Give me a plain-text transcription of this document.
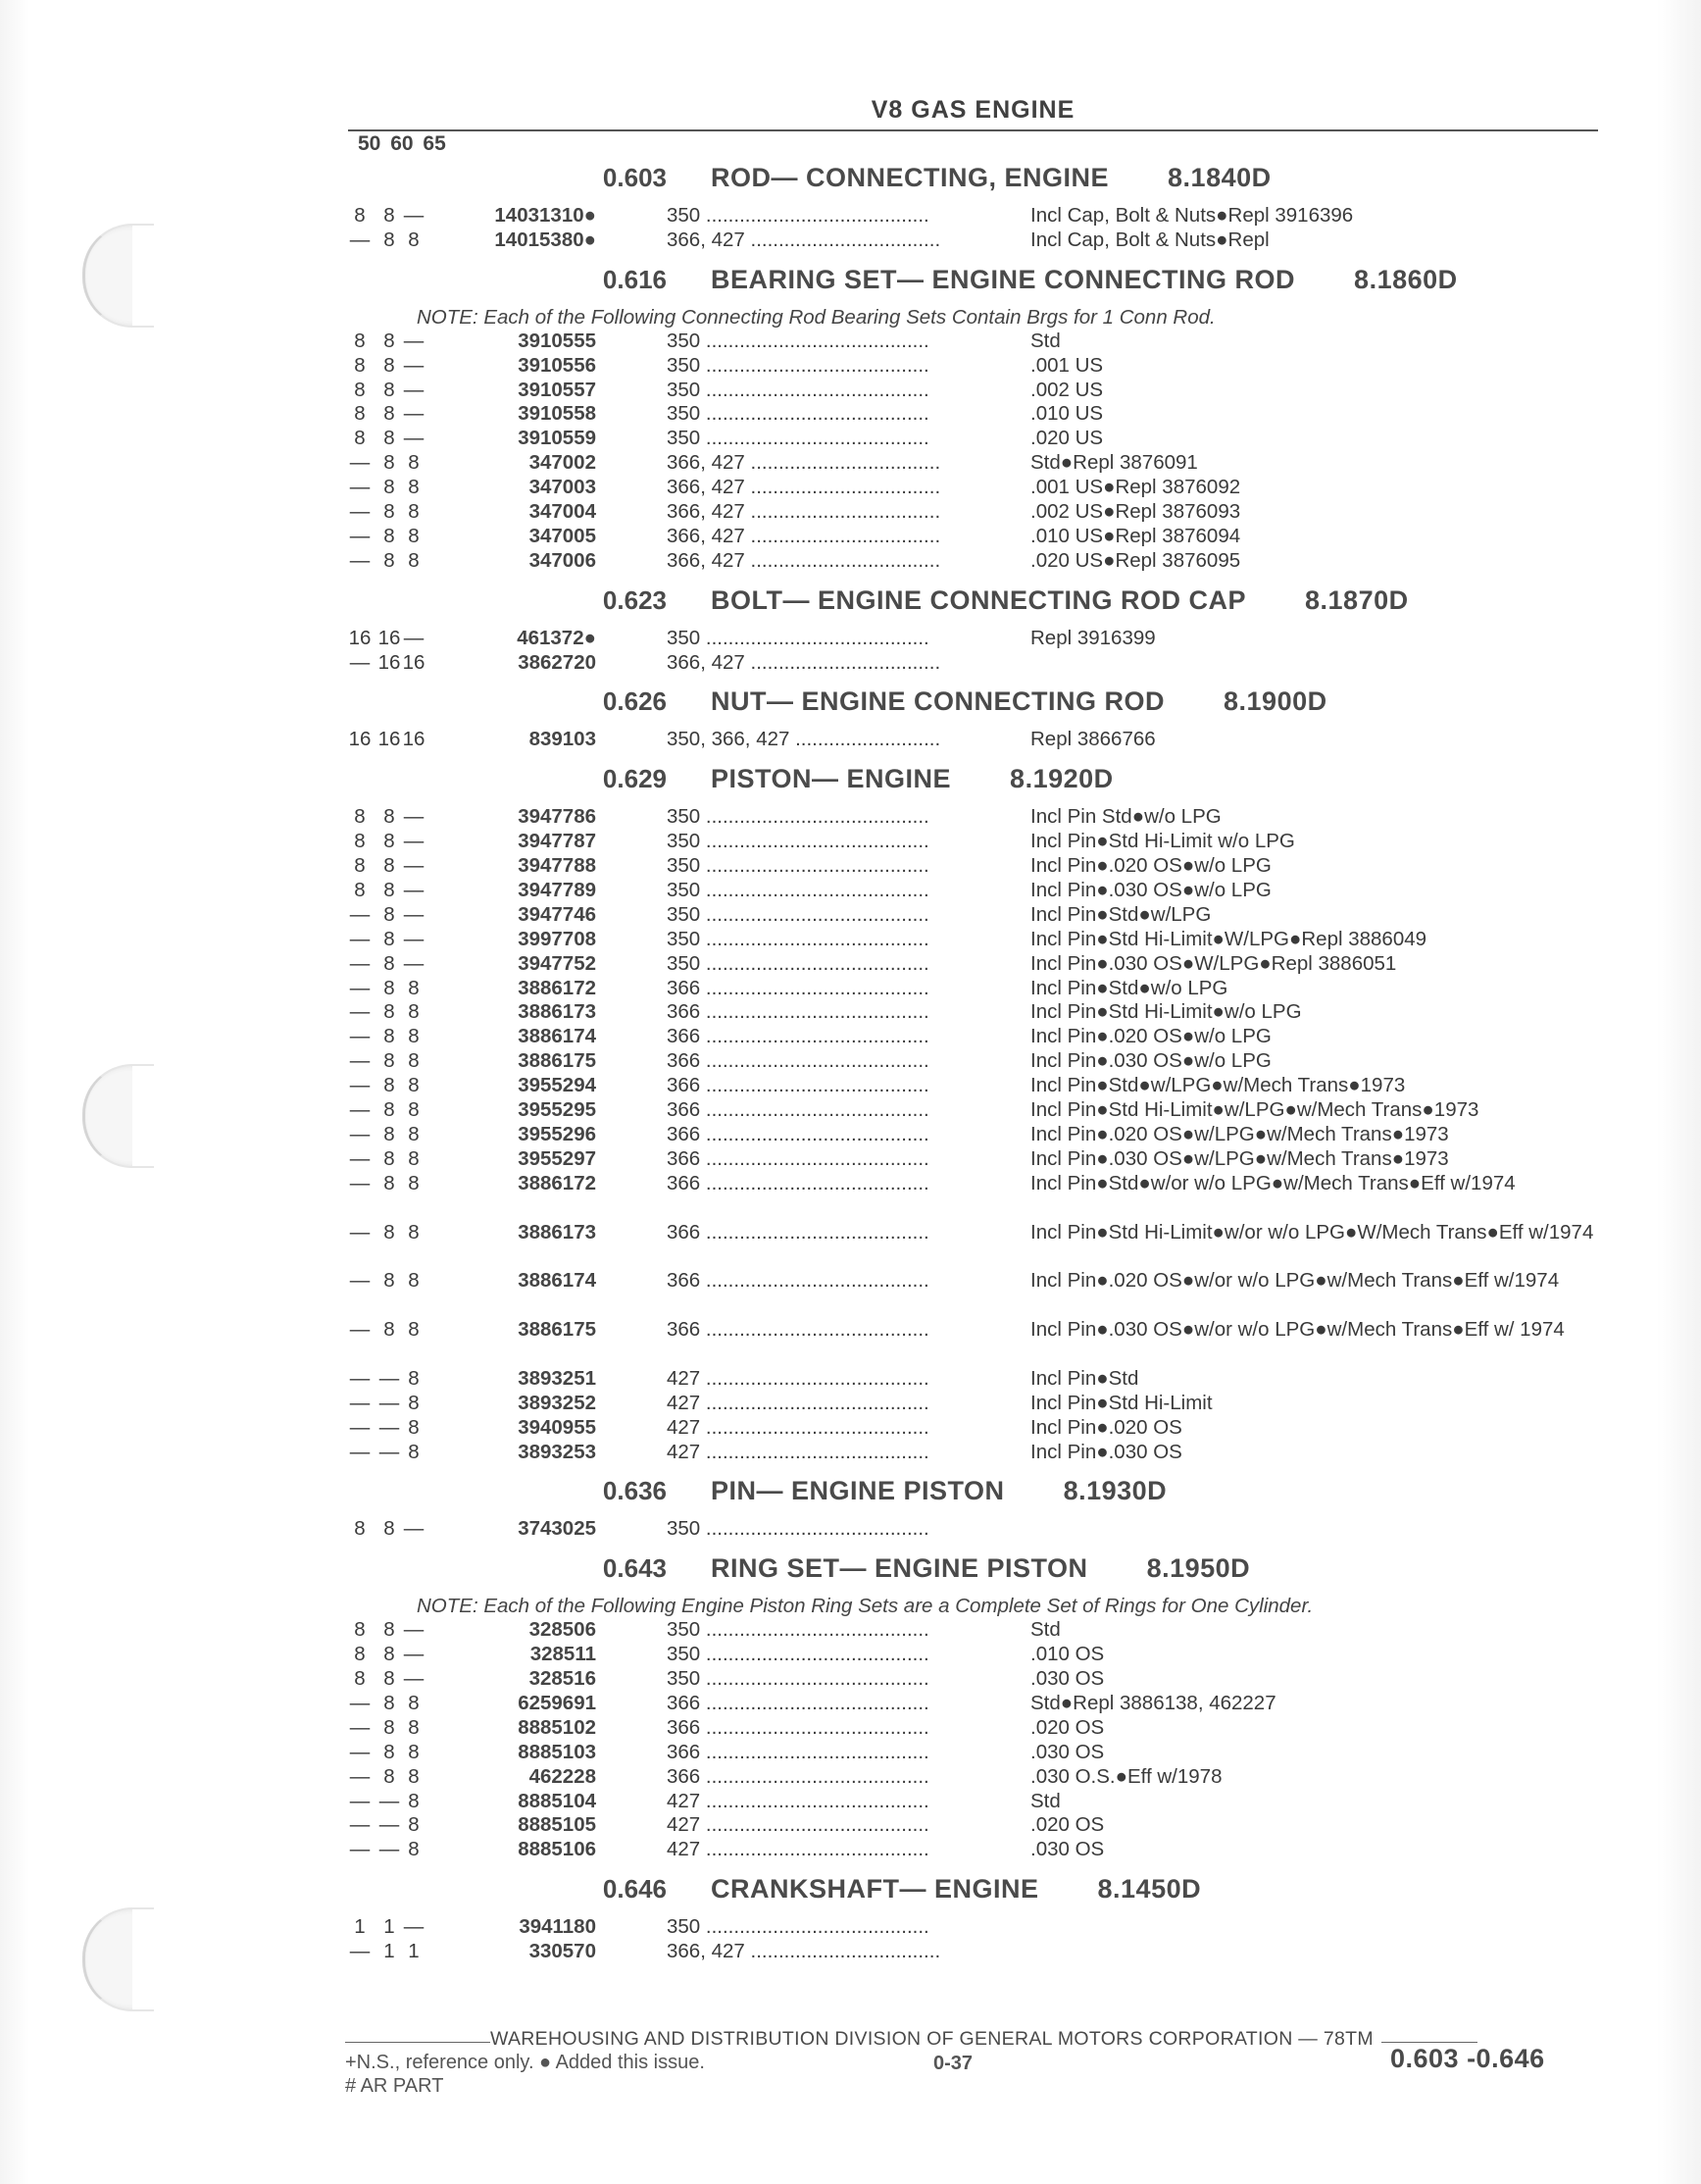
V8 GAS ENGINE
50 60 65
0.603 ROD— CONNECTING, ENGINE 8.1840D
8 8 —	14031310●	350 ........................................	Incl Cap, Bolt & Nuts●Repl 3916396
— 8 8	14015380●	366, 427 ..................................	Incl Cap, Bolt & Nuts●Repl
0.616 BEARING SET— ENGINE CONNECTING ROD 8.1860D
NOTE: Each of the Following Connecting Rod Bearing Sets Contain Brgs for 1 Conn Rod.
8 8 —	3910555	350 ........................................	Std
8 8 —	3910556	350 ........................................	.001 US
8 8 —	3910557	350 ........................................	.002 US
8 8 —	3910558	350 ........................................	.010 US
8 8 —	3910559	350 ........................................	.020 US
— 8 8	347002	366, 427 ..................................	Std●Repl 3876091
— 8 8	347003	366, 427 ..................................	.001 US●Repl 3876092
— 8 8	347004	366, 427 ..................................	.002 US●Repl 3876093
— 8 8	347005	366, 427 ..................................	.010 US●Repl 3876094
— 8 8	347006	366, 427 ..................................	.020 US●Repl 3876095
0.623 BOLT— ENGINE CONNECTING ROD CAP 8.1870D
16 16 —	461372●	350 ........................................	Repl 3916399
— 16 16	3862720	366, 427 ..................................
0.626 NUT— ENGINE CONNECTING ROD 8.1900D
16 16 16	839103	350, 366, 427 ..........................	Repl 3866766
0.629 PISTON— ENGINE 8.1920D
8 8 —	3947786	350 ........................................	Incl Pin Std●w/o LPG
8 8 —	3947787	350 ........................................	Incl Pin●Std Hi-Limit w/o LPG
8 8 —	3947788	350 ........................................	Incl Pin●.020 OS●w/o LPG
8 8 —	3947789	350 ........................................	Incl Pin●.030 OS●w/o LPG
— 8 —	3947746	350 ........................................	Incl Pin●Std●w/LPG
— 8 —	3997708	350 ........................................	Incl Pin●Std Hi-Limit●W/LPG●Repl 3886049
— 8 —	3947752	350 ........................................	Incl Pin●.030 OS●W/LPG●Repl 3886051
— 8 8	3886172	366 ........................................	Incl Pin●Std●w/o LPG
— 8 8	3886173	366 ........................................	Incl Pin●Std Hi-Limit●w/o LPG
— 8 8	3886174	366 ........................................	Incl Pin●.020 OS●w/o LPG
— 8 8	3886175	366 ........................................	Incl Pin●.030 OS●w/o LPG
— 8 8	3955294	366 ........................................	Incl Pin●Std●w/LPG●w/Mech Trans●1973
— 8 8	3955295	366 ........................................	Incl Pin●Std Hi-Limit●w/LPG●w/Mech Trans●1973
— 8 8	3955296	366 ........................................	Incl Pin●.020 OS●w/LPG●w/Mech Trans●1973
— 8 8	3955297	366 ........................................	Incl Pin●.030 OS●w/LPG●w/Mech Trans●1973
— 8 8	3886172	366 ........................................	Incl Pin●Std●w/or w/o LPG●w/Mech Trans●Eff w/1974
— 8 8	3886173	366 ........................................	Incl Pin●Std Hi-Limit●w/or w/o LPG●W/Mech Trans●Eff w/1974
— 8 8	3886174	366 ........................................	Incl Pin●.020 OS●w/or w/o LPG●w/Mech Trans●Eff w/1974
— 8 8	3886175	366 ........................................	Incl Pin●.030 OS●w/or w/o LPG●w/Mech Trans●Eff w/ 1974
— — 8	3893251	427 ........................................	Incl Pin●Std
— — 8	3893252	427 ........................................	Incl Pin●Std Hi-Limit
— — 8	3940955	427 ........................................	Incl Pin●.020 OS
— — 8	3893253	427 ........................................	Incl Pin●.030 OS
0.636 PIN— ENGINE PISTON 8.1930D
8 8 —	3743025	350 ........................................
0.643 RING SET— ENGINE PISTON 8.1950D
NOTE: Each of the Following Engine Piston Ring Sets are a Complete Set of Rings for One Cylinder.
8 8 —	328506	350 ........................................	Std
8 8 —	328511	350 ........................................	.010 OS
8 8 —	328516	350 ........................................	.030 OS
— 8 8	6259691	366 ........................................	Std●Repl 3886138, 462227
— 8 8	8885102	366 ........................................	.020 OS
— 8 8	8885103	366 ........................................	.030 OS
— 8 8	462228	366 ........................................	.030 O.S.●Eff w/1978
— — 8	8885104	427 ........................................	Std
— — 8	8885105	427 ........................................	.020 OS
— — 8	8885106	427 ........................................	.030 OS
0.646 CRANKSHAFT— ENGINE 8.1450D
1 1 —	3941180	350 ........................................
— 1 1	330570	366, 427 ..................................
WAREHOUSING AND DISTRIBUTION DIVISION OF GENERAL MOTORS CORPORATION — 78TM
+N.S., reference only. ● Added this issue.
# AR PART
0-37	0.603 -0.646
